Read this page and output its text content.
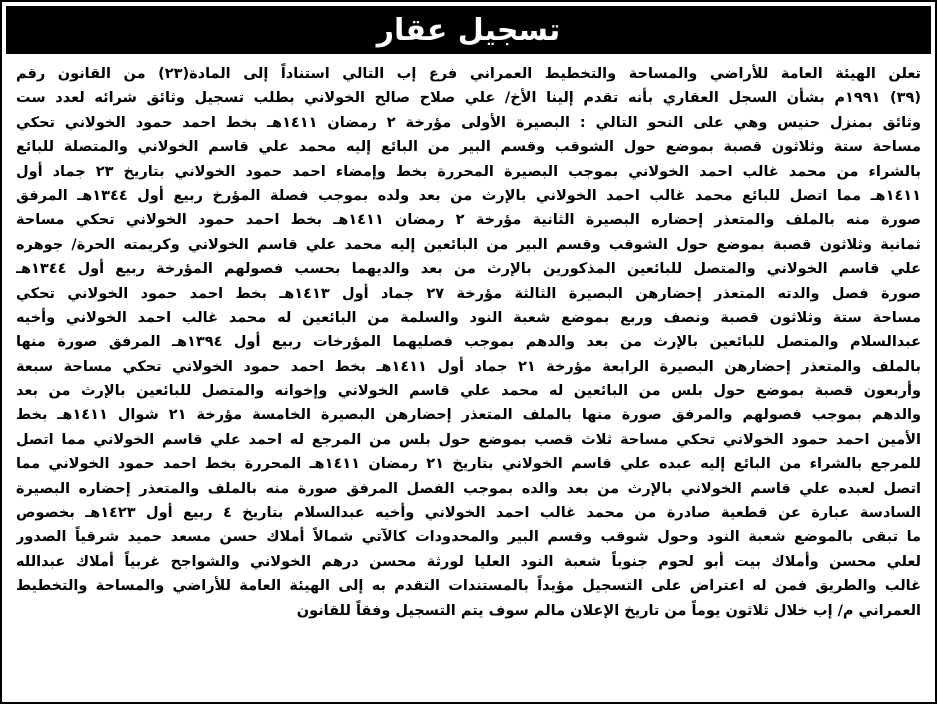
تسجيل عقار
تعلن الهيئة العامة للأراضي والمساحة والتخطيط العمراني فرع إب التالي استناداً إلى المادة(٢٣) من القانون رقم
(٣٩) ١٩٩١م بشأن السجل العقاري بأنه تقدم إلينا الأخ/ علي صلاح صالح الخولاني بطلب تسجيل وثائق شرائه لعدد ست
وثائق بمنزل حنيس وهي على النحو التالي : البصيرة الأولى مؤرخة ٢ رمضان ١٤١١هـ بخط احمد حمود الخولاني تحكي
مساحة ستة وثلاثون قصبة بموضع حول الشوقب وقسم البير من البائع إليه محمد علي قاسم الخولاني والمتصلة للبائع
بالشراء من محمد غالب احمد الخولاني بموجب البصيرة المحررة بخط وإمضاء احمد حمود الخولاني بتاريخ ٢٣ جماد أول
١٤١١هـ مما اتصل للبائع محمد غالب احمد الخولاني بالإرث من بعد ولده بموجب فصلة المؤرخ ربيع أول ١٣٤٤هـ المرفق
صورة منه بالملف والمتعذر إحضاره البصيرة الثانية مؤرخة ٢ رمضان ١٤١١هـ بخط احمد حمود الخولاني تحكي مساحة
ثمانية وثلاثون قصبة بموضع حول الشوقب وقسم البير من البائعين إليه محمد علي قاسم الخولاني وكريمته الحرة/ جوهره
علي قاسم الخولاني والمتصل للبائعين المذكورين بالإرث من بعد والديهما بحسب فصولهم المؤرخة ربيع أول ١٣٤٤هـ
صورة فصل والدته المتعذر إحضارهن البصيرة الثالثة مؤرخة ٢٧ جماد أول ١٤١٣هـ بخط احمد حمود الخولاني تحكي
مساحة ستة وثلاثون قصبة ونصف وربع بموضع شعبة النود والسلمة من البائعين له محمد غالب احمد الخولاني وأخيه
عبدالسلام والمتصل للبائعين بالإرث من بعد والدهم بموجب فصليهما المؤرخات ربيع أول ١٣٩٤هـ المرفق صورة منها
بالملف والمتعذر إحضارهن البصيرة الرابعة مؤرخة ٢١ جماد أول ١٤١١هـ بخط احمد حمود الخولاني تحكي مساحة سبعة
وأربعون قصبة بموضع حول بلس من البائعين له محمد علي قاسم الخولاني وإخوانه والمتصل للبائعين بالإرث من بعد
والدهم بموجب فصولهم والمرفق صورة منها بالملف المتعذر إحضارهن البصيرة الخامسة مؤرخة ٢١ شوال ١٤١١هـ بخط
الأمين احمد حمود الخولاني تحكي مساحة ثلاث قصب بموضع حول بلس من المرجع له احمد علي قاسم الخولاني مما اتصل
للمرجع بالشراء من البائع إليه عبده علي قاسم الخولاني بتاريخ ٢١ رمضان ١٤١١هـ المحررة بخط احمد حمود الخولاني مما
اتصل لعبده علي قاسم الخولاني بالإرث من بعد والده بموجب الفصل المرفق صورة منه بالملف والمتعذر إحضاره البصيرة
السادسة عبارة عن قطعية صادرة من محمد غالب احمد الخولاني وأخيه عبدالسلام بتاريخ ٤ ربيع أول ١٤٢٣هـ بخصوص
ما تبقى بالموضع شعبة النود وحول شوقب وقسم البير والمحدودات كالآتي شمالاً أملاك حسن مسعد حميد شرقياً الصدور
لعلي محسن وأملاك بيت أبو لحوم جنوباً شعبة النود العليا لورثة محسن درهم الخولاني والشواجح غربياً أملاك عبدالله
غالب والطريق فمن له اعتراض على التسجيل مؤيداً بالمستندات التقدم به إلى الهيئة العامة للأراضي والمساحة والتخطيط
العمراني م/ إب خلال ثلاثون يوماً من تاريخ الإعلان مالم سوف يتم التسجيل وفقاً للقانون
